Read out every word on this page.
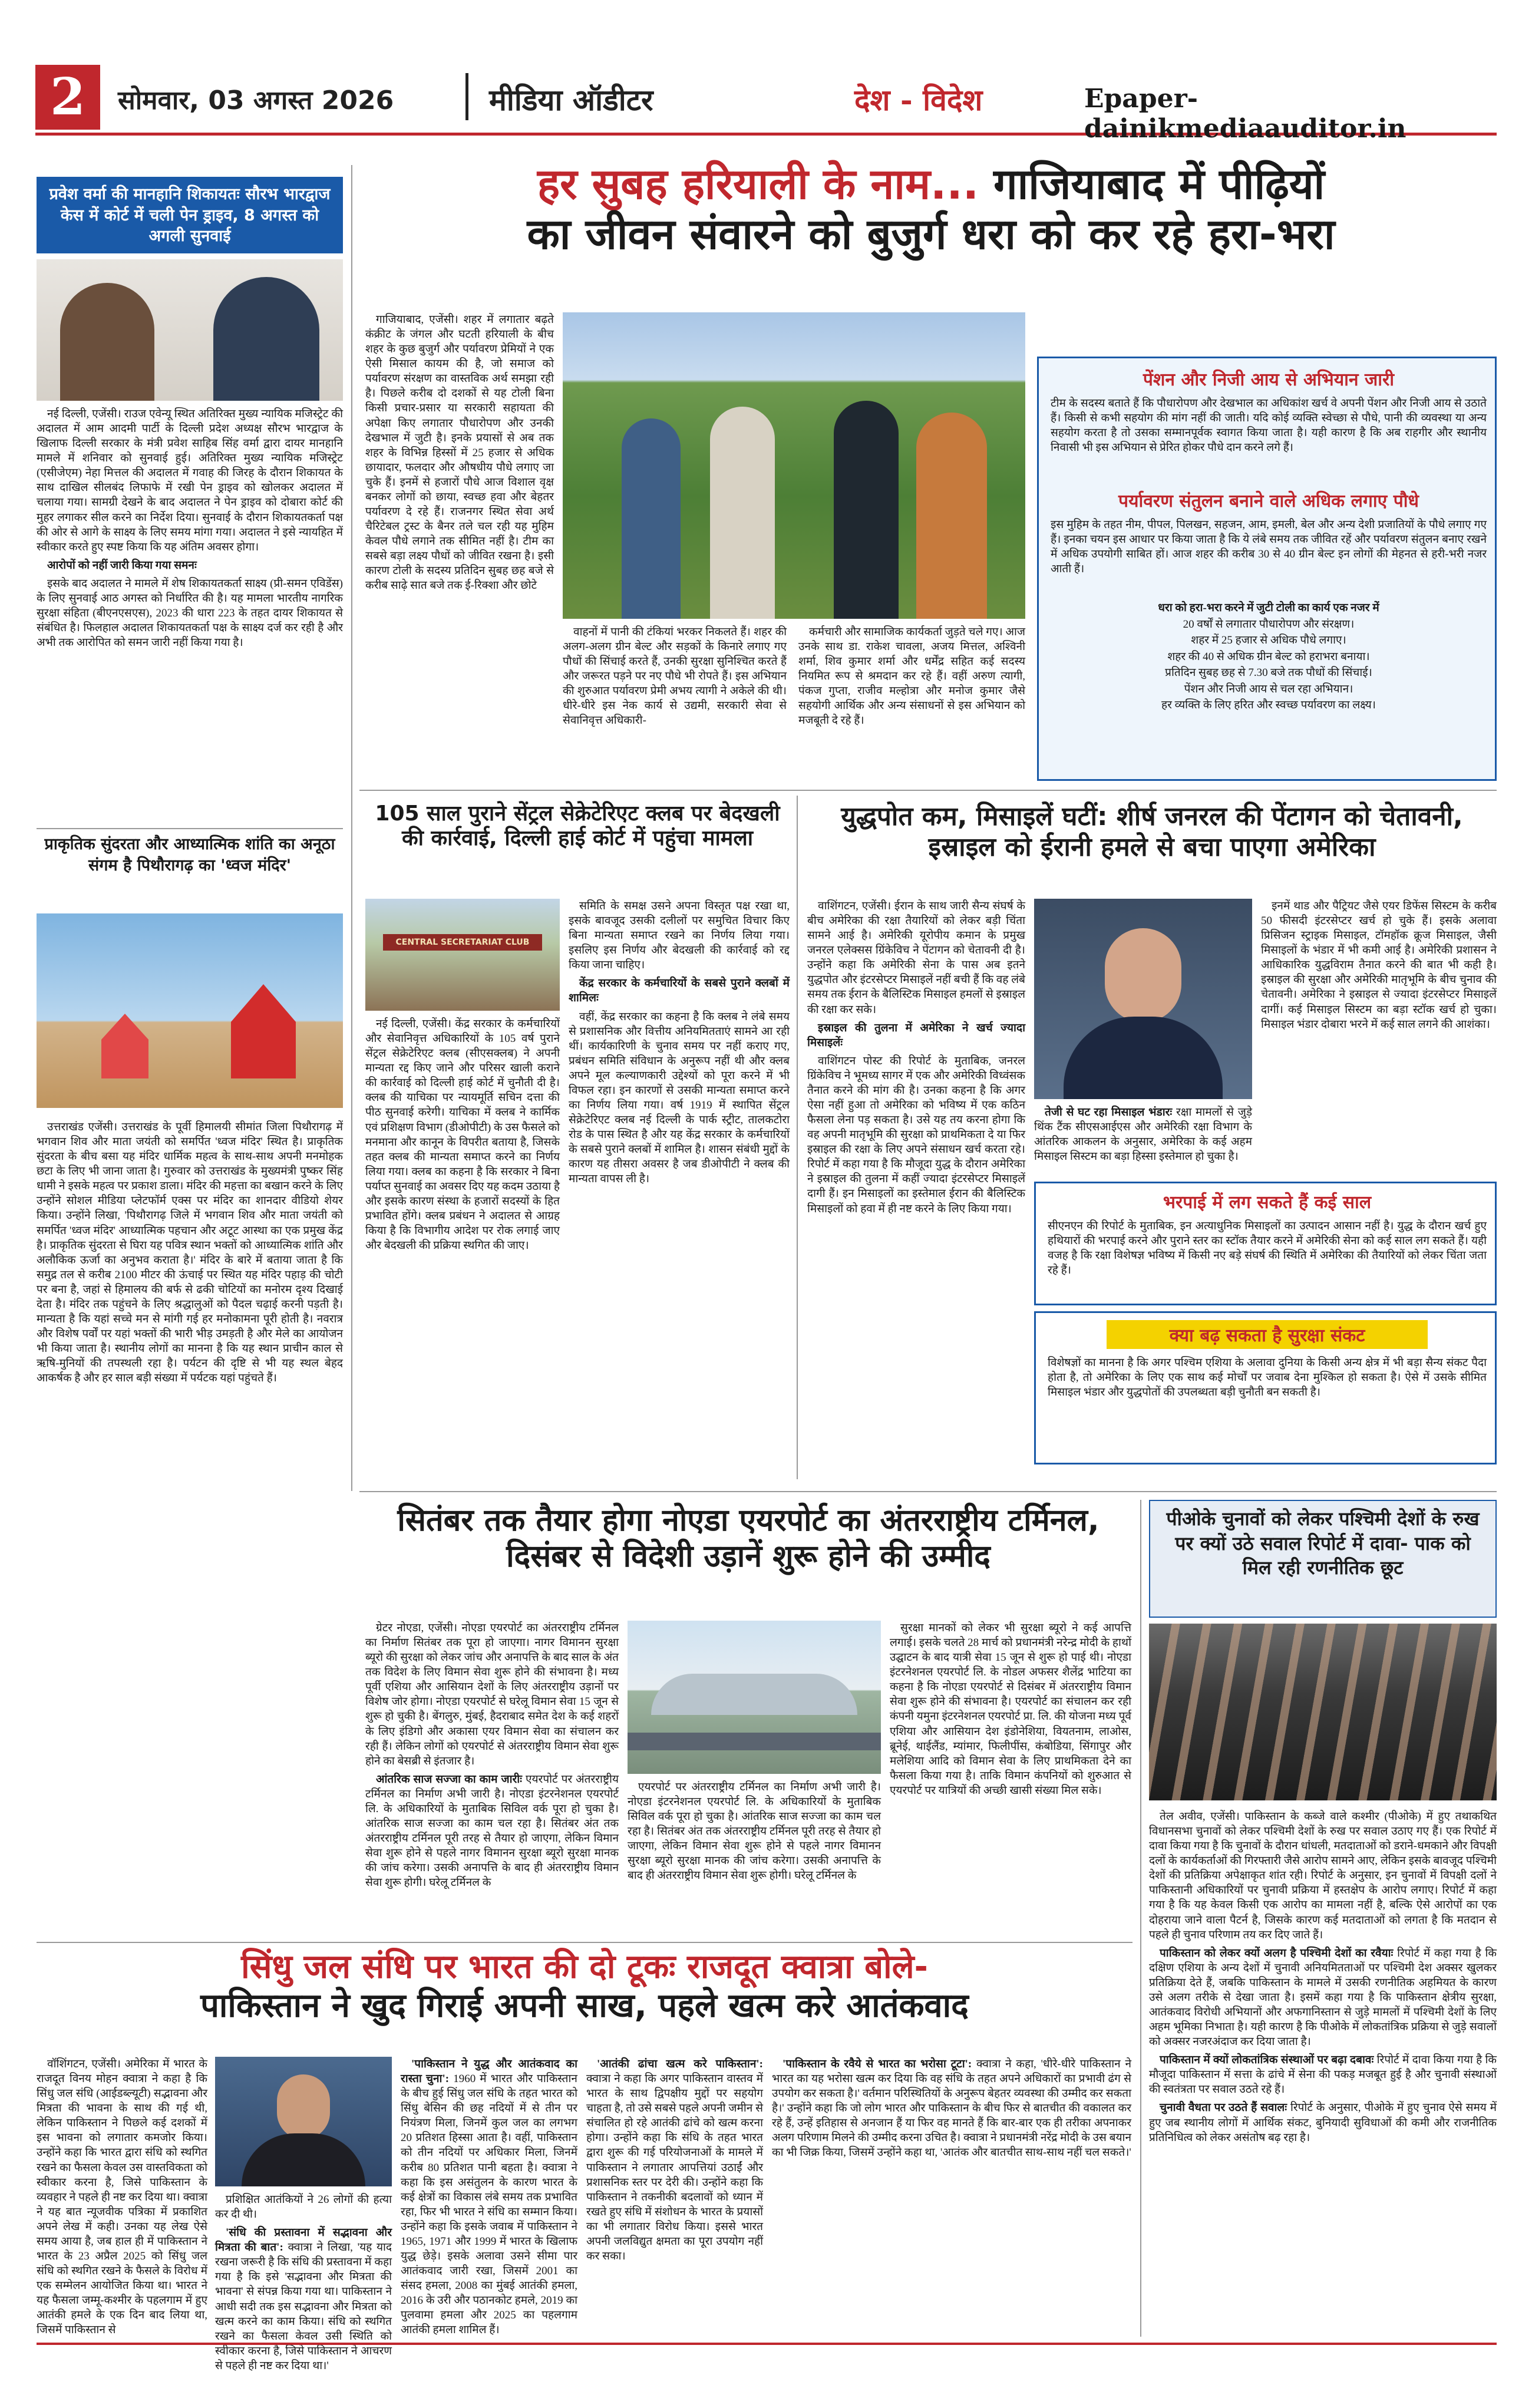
2	सोमवार, 03 अगस्त 2026	मीडिया ऑडीटर	देश - विदेश	Epaper-dainikmediaauditor.in
प्रवेश वर्मा की मानहानि शिकायतः सौरभ भारद्वाज केस में कोर्ट में चली पेन ड्राइव, 8 अगस्त को अगली सुनवाई

नई दिल्ली, एजेंसी। राउज एवेन्यू स्थित अतिरिक्त मुख्य न्यायिक मजिस्ट्रेट की अदालत में आम आदमी पार्टी के दिल्ली प्रदेश अध्यक्ष सौरभ भारद्वाज के खिलाफ दिल्ली सरकार के मंत्री प्रवेश साहिब सिंह वर्मा द्वारा दायर मानहानि मामले में शनिवार को सुनवाई हुई। अतिरिक्त मुख्य न्यायिक मजिस्ट्रेट (एसीजेएम) नेहा मित्तल की अदालत में गवाह की जिरह के दौरान शिकायत के साथ दाखिल सीलबंद लिफाफे में रखी पेन ड्राइव को खोलकर अदालत में चलाया गया। सामग्री देखने के बाद अदालत ने पेन ड्राइव को दोबारा कोर्ट की मुहर लगाकर सील करने का निर्देश दिया। सुनवाई के दौरान शिकायतकर्ता पक्ष की ओर से आगे के साक्ष्य के लिए समय मांगा गया। अदालत ने इसे न्यायहित में स्वीकार करते हुए स्पष्ट किया कि यह अंतिम अवसर होगा।

आरोपों को नहीं जारी किया गया समनः

इसके बाद अदालत ने मामले में शेष शिकायतकर्ता साक्ष्य (प्री-समन एविडेंस) के लिए सुनवाई आठ अगस्त को निर्धारित की है। यह मामला भारतीय नागरिक सुरक्षा संहिता (बीएनएसएस), 2023 की धारा 223 के तहत दायर शिकायत से संबंधित है। फिलहाल अदालत शिकायतकर्ता पक्ष के साक्ष्य दर्ज कर रही है और अभी तक आरोपित को समन जारी नहीं किया गया है।

प्राकृतिक सुंदरता और आध्यात्मिक शांति का अनूठा संगम है पिथौरागढ़ का 'ध्वज मंदिर'

उत्तराखंड एजेंसी। उत्तराखंड के पूर्वी हिमालयी सीमांत जिला पिथौरागढ़ में भगवान शिव और माता जयंती को समर्पित 'ध्वज मंदिर' स्थित है। प्राकृतिक सुंदरता के बीच बसा यह मंदिर धार्मिक महत्व के साथ-साथ अपनी मनमोहक छटा के लिए भी जाना जाता है। गुरुवार को उत्तराखंड के मुख्यमंत्री पुष्कर सिंह धामी ने इसके महत्व पर प्रकाश डाला। मंदिर की महत्ता का बखान करने के लिए उन्होंने सोशल मीडिया प्लेटफॉर्म एक्स पर मंदिर का शानदार वीडियो शेयर किया। उन्होंने लिखा, 'पिथौरागढ़ जिले में भगवान शिव और माता जयंती को समर्पित 'ध्वज मंदिर' आध्यात्मिक पहचान और अटूट आस्था का एक प्रमुख केंद्र है। प्राकृतिक सुंदरता से घिरा यह पवित्र स्थान भक्तों को आध्यात्मिक शांति और अलौकिक ऊर्जा का अनुभव कराता है।' मंदिर के बारे में बताया जाता है कि समुद्र तल से करीब 2100 मीटर की ऊंचाई पर स्थित यह मंदिर पहाड़ की चोटी पर बना है, जहां से हिमालय की बर्फ से ढकी चोटियों का मनोरम दृश्य दिखाई देता है। मंदिर तक पहुंचने के लिए श्रद्धालुओं को पैदल चढ़ाई करनी पड़ती है। मान्यता है कि यहां सच्चे मन से मांगी गई हर मनोकामना पूरी होती है। नवरात्र और विशेष पर्वों पर यहां भक्तों की भारी भीड़ उमड़ती है और मेले का आयोजन भी किया जाता है। स्थानीय लोगों का मानना है कि यह स्थान प्राचीन काल से ऋषि-मुनियों की तपस्थली रहा है। पर्यटन की दृष्टि से भी यह स्थल बेहद आकर्षक है और हर साल बड़ी संख्या में पर्यटक यहां पहुंचते हैं।

हर सुबह हरियाली के नाम... गाजियाबाद में पीढ़ियों
का जीवन संवारने को बुजुर्ग धरा को कर रहे हरा-भरा

गाजियाबाद, एजेंसी। शहर में लगातार बढ़ते कंक्रीट के जंगल और घटती हरियाली के बीच शहर के कुछ बुजुर्ग और पर्यावरण प्रेमियों ने एक ऐसी मिसाल कायम की है, जो समाज को पर्यावरण संरक्षण का वास्तविक अर्थ समझा रही है। पिछले करीब दो दशकों से यह टोली बिना किसी प्रचार-प्रसार या सरकारी सहायता की अपेक्षा किए लगातार पौधारोपण और उनकी देखभाल में जुटी है। इनके प्रयासों से अब तक शहर के विभिन्न हिस्सों में 25 हजार से अधिक छायादार, फलदार और औषधीय पौधे लगाए जा चुके हैं। इनमें से हजारों पौधे आज विशाल वृक्ष बनकर लोगों को छाया, स्वच्छ हवा और बेहतर पर्यावरण दे रहे हैं। राजनगर स्थित सेवा अर्थ चैरिटेबल ट्रस्ट के बैनर तले चल रही यह मुहिम केवल पौधे लगाने तक सीमित नहीं है। टीम का सबसे बड़ा लक्ष्य पौधों को जीवित रखना है। इसी कारण टोली के सदस्य प्रतिदिन सुबह छह बजे से करीब साढ़े सात बजे तक ई-रिक्शा और छोटे

वाहनों में पानी की टंकियां भरकर निकलते हैं। शहर की अलग-अलग ग्रीन बेल्ट और सड़कों के किनारे लगाए गए पौधों की सिंचाई करते हैं, उनकी सुरक्षा सुनिश्चित करते हैं और जरूरत पड़ने पर नए पौधे भी रोपते हैं। इस अभियान की शुरुआत पर्यावरण प्रेमी अभय त्यागी ने अकेले की थी। धीरे-धीरे इस नेक कार्य से उद्यमी, सरकारी सेवा से सेवानिवृत्त अधिकारी-

कर्मचारी और सामाजिक कार्यकर्ता जुड़ते चले गए। आज उनके साथ डा. राकेश चावला, अजय मित्तल, अश्विनी शर्मा, शिव कुमार शर्मा और धर्मेंद्र सहित कई सदस्य नियमित रूप से श्रमदान कर रहे हैं। वहीं अरुण त्यागी, पंकज गुप्ता, राजीव मल्होत्रा और मनोज कुमार जैसे सहयोगी आर्थिक और अन्य संसाधनों से इस अभियान को मजबूती दे रहे हैं।

पेंशन और निजी आय से अभियान जारी
टीम के सदस्य बताते हैं कि पौधारोपण और देखभाल का अधिकांश खर्च वे अपनी पेंशन और निजी आय से उठाते हैं। किसी से कभी सहयोग की मांग नहीं की जाती। यदि कोई व्यक्ति स्वेच्छा से पौधे, पानी की व्यवस्था या अन्य सहयोग करता है तो उसका सम्मानपूर्वक स्वागत किया जाता है। यही कारण है कि अब राहगीर और स्थानीय निवासी भी इस अभियान से प्रेरित होकर पौधे दान करने लगे हैं।
पर्यावरण संतुलन बनाने वाले अधिक लगाए पौधे
इस मुहिम के तहत नीम, पीपल, पिलखन, सहजन, आम, इमली, बेल और अन्य देशी प्रजातियों के पौधे लगाए गए हैं। इनका चयन इस आधार पर किया जाता है कि ये लंबे समय तक जीवित रहें और पर्यावरण संतुलन बनाए रखने में अधिक उपयोगी साबित हों। आज शहर की करीब 30 से 40 ग्रीन बेल्ट इन लोगों की मेहनत से हरी-भरी नजर आती हैं।
धरा को हरा-भरा करने में जुटी टोली का कार्य एक नजर में
20 वर्षों से लगातार पौधारोपण और संरक्षण।
शहर में 25 हजार से अधिक पौधे लगाए।
शहर की 40 से अधिक ग्रीन बेल्ट को हराभरा बनाया।
प्रतिदिन सुबह छह से 7.30 बजे तक पौधों की सिंचाई।
पेंशन और निजी आय से चल रहा अभियान।
हर व्यक्ति के लिए हरित और स्वच्छ पर्यावरण का लक्ष्य।
105 साल पुराने सेंट्रल सेक्रेटेरिएट क्लब पर बेदखली की कार्रवाई, दिल्ली हाई कोर्ट में पहुंचा मामला
CENTRAL SECRETARIAT CLUB

नई दिल्ली, एजेंसी। केंद्र सरकार के कर्मचारियों और सेवानिवृत्त अधिकारियों के 105 वर्ष पुराने सेंट्रल सेक्रेटेरिएट क्लब (सीएसक्लब) ने अपनी मान्यता रद्द किए जाने और परिसर खाली कराने की कार्रवाई को दिल्ली हाई कोर्ट में चुनौती दी है। क्लब की याचिका पर न्यायमूर्ति सचिन दत्ता की पीठ सुनवाई करेगी। याचिका में क्लब ने कार्मिक एवं प्रशिक्षण विभाग (डीओपीटी) के उस फैसले को मनमाना और कानून के विपरीत बताया है, जिसके तहत क्लब की मान्यता समाप्त करने का निर्णय लिया गया। क्लब का कहना है कि सरकार ने बिना पर्याप्त सुनवाई का अवसर दिए यह कदम उठाया है और इसके कारण संस्था के हजारों सदस्यों के हित प्रभावित होंगे। क्लब प्रबंधन ने अदालत से आग्रह किया है कि विभागीय आदेश पर रोक लगाई जाए और बेदखली की प्रक्रिया स्थगित की जाए।

समिति के समक्ष उसने अपना विस्तृत पक्ष रखा था, इसके बावजूद उसकी दलीलों पर समुचित विचार किए बिना मान्यता समाप्त रखने का निर्णय लिया गया। इसलिए इस निर्णय और बेदखली की कार्रवाई को रद्द किया जाना चाहिए।

केंद्र सरकार के कर्मचारियों के सबसे पुराने क्लबों में शामिलः

वहीं, केंद्र सरकार का कहना है कि क्लब ने लंबे समय से प्रशासनिक और वित्तीय अनियमितताएं सामने आ रही थीं। कार्यकारिणी के चुनाव समय पर नहीं कराए गए, प्रबंधन समिति संविधान के अनुरूप नहीं थी और क्लब अपने मूल कल्याणकारी उद्देश्यों को पूरा करने में भी विफल रहा। इन कारणों से उसकी मान्यता समाप्त करने का निर्णय लिया गया। वर्ष 1919 में स्थापित सेंट्रल सेक्रेटेरिएट क्लब नई दिल्ली के पार्क स्ट्रीट, तालकटोरा रोड के पास स्थित है और यह केंद्र सरकार के कर्मचारियों के सबसे पुराने क्लबों में शामिल है। शासन संबंधी मुद्दों के कारण यह तीसरा अवसर है जब डीओपीटी ने क्लब की मान्यता वापस ली है।

युद्धपोत कम, मिसाइलें घटीं: शीर्ष जनरल की पेंटागन को चेतावनी, इस्राइल को ईरानी हमले से बचा पाएगा अमेरिका

वाशिंगटन, एजेंसी। ईरान के साथ जारी सैन्य संघर्ष के बीच अमेरिका की रक्षा तैयारियों को लेकर बड़ी चिंता सामने आई है। अमेरिकी यूरोपीय कमान के प्रमुख जनरल एलेक्सस ग्रिंकेविच ने पेंटागन को चेतावनी दी है। उन्होंने कहा कि अमेरिकी सेना के पास अब इतने युद्धपोत और इंटरसेप्टर मिसाइलें नहीं बची हैं कि वह लंबे समय तक ईरान के बैलिस्टिक मिसाइल हमलों से इस्राइल की रक्षा कर सके।

इस्राइल की तुलना में अमेरिका ने खर्च ज्यादा मिसाइलेंः

वाशिंगटन पोस्ट की रिपोर्ट के मुताबिक, जनरल ग्रिंकेविच ने भूमध्य सागर में एक और अमेरिकी विध्वंसक तैनात करने की मांग की है। उनका कहना है कि अगर ऐसा नहीं हुआ तो अमेरिका को भविष्य में एक कठिन फैसला लेना पड़ सकता है। उसे यह तय करना होगा कि वह अपनी मातृभूमि की सुरक्षा को प्राथमिकता दे या फिर इस्राइल की रक्षा के लिए अपने संसाधन खर्च करता रहे। रिपोर्ट में कहा गया है कि मौजूदा युद्ध के दौरान अमेरिका ने इस्राइल की तुलना में कहीं ज्यादा इंटरसेप्टर मिसाइलें दागी हैं। इन मिसाइलों का इस्तेमाल ईरान की बैलिस्टिक मिसाइलों को हवा में ही नष्ट करने के लिए किया गया।

तेजी से घट रहा मिसाइल भंडारः रक्षा मामलों से जुड़े थिंक टैंक सीएसआईएस और अमेरिकी रक्षा विभाग के आंतरिक आकलन के अनुसार, अमेरिका के कई अहम मिसाइल सिस्टम का बड़ा हिस्सा इस्तेमाल हो चुका है।

इनमें थाड और पैट्रियट जैसे एयर डिफेंस सिस्टम के करीब 50 फीसदी इंटरसेप्टर खर्च हो चुके हैं। इसके अलावा प्रिसिजन स्ट्राइक मिसाइल, टॉमहॉक क्रूज मिसाइल, जैसी मिसाइलों के भंडार में भी कमी आई है। अमेरिकी प्रशासन ने आधिकारिक युद्धविराम तैनात करने की बात भी कही है। इस्राइल की सुरक्षा और अमेरिकी मातृभूमि के बीच चुनाव की चेतावनी। अमेरिका ने इस्राइल से ज्यादा इंटरसेप्टर मिसाइलें दागीं। कई मिसाइल सिस्टम का बड़ा स्टॉक खर्च हो चुका। मिसाइल भंडार दोबारा भरने में कई साल लगने की आशंका।

भरपाई में लग सकते हैं कई साल
सीएनएन की रिपोर्ट के मुताबिक, इन अत्याधुनिक मिसाइलों का उत्पादन आसान नहीं है। युद्ध के दौरान खर्च हुए हथियारों की भरपाई करने और पुराने स्तर का स्टॉक तैयार करने में अमेरिकी सेना को कई साल लग सकते हैं। यही वजह है कि रक्षा विशेषज्ञ भविष्य में किसी नए बड़े संघर्ष की स्थिति में अमेरिका की तैयारियों को लेकर चिंता जता रहे हैं।
क्या बढ़ सकता है सुरक्षा संकट
विशेषज्ञों का मानना है कि अगर पश्चिम एशिया के अलावा दुनिया के किसी अन्य क्षेत्र में भी बड़ा सैन्य संकट पैदा होता है, तो अमेरिका के लिए एक साथ कई मोर्चों पर जवाब देना मुश्किल हो सकता है। ऐसे में उसके सीमित मिसाइल भंडार और युद्धपोतों की उपलब्धता बड़ी चुनौती बन सकती है।
सितंबर तक तैयार होगा नोएडा एयरपोर्ट का अंतरराष्ट्रीय टर्मिनल, दिसंबर से विदेशी उड़ानें शुरू होने की उम्मीद

ग्रेटर नोएडा, एजेंसी। नोएडा एयरपोर्ट का अंतरराष्ट्रीय टर्मिनल का निर्माण सितंबर तक पूरा हो जाएगा। नागर विमानन सुरक्षा ब्यूरो की सुरक्षा को लेकर जांच और अनापत्ति के बाद साल के अंत तक विदेश के लिए विमान सेवा शुरू होने की संभावना है। मध्य पूर्वी एशिया और आसियान देशों के लिए अंतरराष्ट्रीय उड़ानों पर विशेष जोर होगा। नोएडा एयरपोर्ट से घरेलू विमान सेवा 15 जून से शुरू हो चुकी है। बेंगलुरु, मुंबई, हैदराबाद समेत देश के कई शहरों के लिए इंडिगो और अकासा एयर विमान सेवा का संचालन कर रही हैं। लेकिन लोगों को एयरपोर्ट से अंतरराष्ट्रीय विमान सेवा शुरू होने का बेसब्री से इंतजार है।

आंतरिक साज सज्जा का काम जारीः एयरपोर्ट पर अंतरराष्ट्रीय टर्मिनल का निर्माण अभी जारी है। नोएडा इंटरनेशनल एयरपोर्ट लि. के अधिकारियों के मुताबिक सिविल वर्क पूरा हो चुका है। आंतरिक साज सज्जा का काम चल रहा है। सितंबर अंत तक अंतरराष्ट्रीय टर्मिनल पूरी तरह से तैयार हो जाएगा, लेकिन विमान सेवा शुरू होने से पहले नागर विमानन सुरक्षा ब्यूरो सुरक्षा मानक की जांच करेगा। उसकी अनापत्ति के बाद ही अंतरराष्ट्रीय विमान सेवा शुरू होगी। घरेलू टर्मिनल के

एयरपोर्ट पर अंतरराष्ट्रीय टर्मिनल का निर्माण अभी जारी है। नोएडा इंटरनेशनल एयरपोर्ट लि. के अधिकारियों के मुताबिक सिविल वर्क पूरा हो चुका है। आंतरिक साज सज्जा का काम चल रहा है। सितंबर अंत तक अंतरराष्ट्रीय टर्मिनल पूरी तरह से तैयार हो जाएगा, लेकिन विमान सेवा शुरू होने से पहले नागर विमानन सुरक्षा ब्यूरो सुरक्षा मानक की जांच करेगा। उसकी अनापत्ति के बाद ही अंतरराष्ट्रीय विमान सेवा शुरू होगी। घरेलू टर्मिनल के

सुरक्षा मानकों को लेकर भी सुरक्षा ब्यूरो ने कई आपत्ति लगाई। इसके चलते 28 मार्च को प्रधानमंत्री नरेन्द्र मोदी के हाथों उद्घाटन के बाद यात्री सेवा 15 जून से शुरू हो पाई थी। नोएडा इंटरनेशनल एयरपोर्ट लि. के नोडल अफसर शैलेंद्र भाटिया का कहना है कि नोएडा एयरपोर्ट से दिसंबर में अंतरराष्ट्रीय विमान सेवा शुरू होने की संभावना है। एयरपोर्ट का संचालन कर रही कंपनी यमुना इंटरनेशनल एयरपोर्ट प्रा. लि. की योजना मध्य पूर्व एशिया और आसियान देश इंडोनेशिया, वियतनाम, लाओस, ब्रूनेई, थाईलैंड, म्यांमार, फिलीपींस, कंबोडिया, सिंगापुर और मलेशिया आदि को विमान सेवा के लिए प्राथमिकता देने का फैसला किया गया है। ताकि विमान कंपनियों को शुरुआत से एयरपोर्ट पर यात्रियों की अच्छी खासी संख्या मिल सके।

पीओके चुनावों को लेकर पश्चिमी देशों के रुख पर क्यों उठे सवाल रिपोर्ट में दावा- पाक को मिल रही रणनीतिक छूट

तेल अवीव, एजेंसी। पाकिस्तान के कब्जे वाले कश्मीर (पीओके) में हुए तथाकथित विधानसभा चुनावों को लेकर पश्चिमी देशों के रुख पर सवाल उठाए गए हैं। एक रिपोर्ट में दावा किया गया है कि चुनावों के दौरान धांधली, मतदाताओं को डराने-धमकाने और विपक्षी दलों के कार्यकर्ताओं की गिरफ्तारी जैसे आरोप सामने आए, लेकिन इसके बावजूद पश्चिमी देशों की प्रतिक्रिया अपेक्षाकृत शांत रही। रिपोर्ट के अनुसार, इन चुनावों में विपक्षी दलों ने पाकिस्तानी अधिकारियों पर चुनावी प्रक्रिया में हस्तक्षेप के आरोप लगाए। रिपोर्ट में कहा गया है कि यह केवल किसी एक आरोप का मामला नहीं है, बल्कि ऐसे आरोपों का एक दोहराया जाने वाला पैटर्न है, जिसके कारण कई मतदाताओं को लगता है कि मतदान से पहले ही चुनाव परिणाम तय कर दिए जाते हैं।

पाकिस्तान को लेकर क्यों अलग है पश्चिमी देशों का रवैयाः रिपोर्ट में कहा गया है कि दक्षिण एशिया के अन्य देशों में चुनावी अनियमितताओं पर पश्चिमी देश अक्सर खुलकर प्रतिक्रिया देते हैं, जबकि पाकिस्तान के मामले में उसकी रणनीतिक अहमियत के कारण उसे अलग तरीके से देखा जाता है। इसमें कहा गया है कि पाकिस्तान क्षेत्रीय सुरक्षा, आतंकवाद विरोधी अभियानों और अफगानिस्तान से जुड़े मामलों में पश्चिमी देशों के लिए अहम भूमिका निभाता है। यही कारण है कि पीओके में लोकतांत्रिक प्रक्रिया से जुड़े सवालों को अक्सर नजरअंदाज कर दिया जाता है।

पाकिस्तान में क्यों लोकतांत्रिक संस्थाओं पर बढ़ा दबावः रिपोर्ट में दावा किया गया है कि मौजूदा पाकिस्तान में सत्ता के ढांचे में सेना की पकड़ मजबूत हुई है और चुनावी संस्थाओं की स्वतंत्रता पर सवाल उठते रहे हैं।

चुनावी वैधता पर उठते हैं सवालः रिपोर्ट के अनुसार, पीओके में हुए चुनाव ऐसे समय में हुए जब स्थानीय लोगों में आर्थिक संकट, बुनियादी सुविधाओं की कमी और राजनीतिक प्रतिनिधित्व को लेकर असंतोष बढ़ रहा है।

सिंधु जल संधि पर भारत की दो टूकः राजदूत क्वात्रा बोले-
पाकिस्तान ने खुद गिराई अपनी साख, पहले खत्म करे आतंकवाद

वॉशिंगटन, एजेंसी। अमेरिका में भारत के राजदूत विनय मोहन क्वात्रा ने कहा है कि सिंधु जल संधि (आईडब्ल्यूटी) सद्भावना और मित्रता की भावना के साथ की गई थी, लेकिन पाकिस्तान ने पिछले कई दशकों में इस भावना को लगातार कमजोर किया। उन्होंने कहा कि भारत द्वारा संधि को स्थगित रखने का फैसला केवल उस वास्तविकता को स्वीकार करना है, जिसे पाकिस्तान के व्यवहार ने पहले ही नष्ट कर दिया था। क्वात्रा ने यह बात न्यूजवीक पत्रिका में प्रकाशित अपने लेख में कही। उनका यह लेख ऐसे समय आया है, जब हाल ही में पाकिस्तान ने भारत के 23 अप्रैल 2025 को सिंधु जल संधि को स्थगित रखने के फैसले के विरोध में एक सम्मेलन आयोजित किया था। भारत ने यह फैसला जम्मू-कश्मीर के पहलगाम में हुए आतंकी हमले के एक दिन बाद लिया था, जिसमें पाकिस्तान से

प्रशिक्षित आतंकियों ने 26 लोगों की हत्या कर दी थी।

'संधि की प्रस्तावना में सद्भावना और मित्रता की बात': क्वात्रा ने लिखा, 'यह याद रखना जरूरी है कि संधि की प्रस्तावना में कहा गया है कि इसे 'सद्भावना और मित्रता की भावना' से संपन्न किया गया था। पाकिस्तान ने आधी सदी तक इस सद्भावना और मित्रता को खत्म करने का काम किया। संधि को स्थगित रखने का फैसला केवल उसी स्थिति को स्वीकार करना है, जिसे पाकिस्तान ने आचरण से पहले ही नष्ट कर दिया था।'

'पाकिस्तान ने युद्ध और आतंकवाद का रास्ता चुना': 1960 में भारत और पाकिस्तान के बीच हुई सिंधु जल संधि के तहत भारत को सिंधु बेसिन की छह नदियों में से तीन पर नियंत्रण मिला, जिनमें कुल जल का लगभग 20 प्रतिशत हिस्सा आता है। वहीं, पाकिस्तान को तीन नदियों पर अधिकार मिला, जिनमें करीब 80 प्रतिशत पानी बहता है। क्वात्रा ने कहा कि इस असंतुलन के कारण भारत के कई क्षेत्रों का विकास लंबे समय तक प्रभावित रहा, फिर भी भारत ने संधि का सम्मान किया। उन्होंने कहा कि इसके जवाब में पाकिस्तान ने 1965, 1971 और 1999 में भारत के खिलाफ युद्ध छेड़े। इसके अलावा उसने सीमा पार आतंकवाद जारी रखा, जिसमें 2001 का संसद हमला, 2008 का मुंबई आतंकी हमला, 2016 के उरी और पठानकोट हमले, 2019 का पुलवामा हमला और 2025 का पहलगाम आतंकी हमला शामिल हैं।

'आतंकी ढांचा खत्म करे पाकिस्तान': क्वात्रा ने कहा कि अगर पाकिस्तान वास्तव में भारत के साथ द्विपक्षीय मुद्दों पर सहयोग चाहता है, तो उसे सबसे पहले अपनी जमीन से संचालित हो रहे आतंकी ढांचे को खत्म करना होगा। उन्होंने कहा कि संधि के तहत भारत द्वारा शुरू की गई परियोजनाओं के मामले में पाकिस्तान ने लगातार आपत्तियां उठाईं और प्रशासनिक स्तर पर देरी की। उन्होंने कहा कि पाकिस्तान ने तकनीकी बदलावों को ध्यान में रखते हुए संधि में संशोधन के भारत के प्रयासों का भी लगातार विरोध किया। इससे भारत अपनी जलविद्युत क्षमता का पूरा उपयोग नहीं कर सका।

'पाकिस्तान के रवैये से भारत का भरोसा टूटा': क्वात्रा ने कहा, 'धीरे-धीरे पाकिस्तान ने भारत का यह भरोसा खत्म कर दिया कि वह संधि के तहत अपने अधिकारों का प्रभावी ढंग से उपयोग कर सकता है।' वर्तमान परिस्थितियों के अनुरूप बेहतर व्यवस्था की उम्मीद कर सकता है।' उन्होंने कहा कि जो लोग भारत और पाकिस्तान के बीच फिर से बातचीत की वकालत कर रहे हैं, उन्हें इतिहास से अनजान हैं या फिर वह मानते हैं कि बार-बार एक ही तरीका अपनाकर अलग परिणाम मिलने की उम्मीद करना उचित है। क्वात्रा ने प्रधानमंत्री नरेंद्र मोदी के उस बयान का भी जिक्र किया, जिसमें उन्होंने कहा था, 'आतंक और बातचीत साथ-साथ नहीं चल सकते।'
